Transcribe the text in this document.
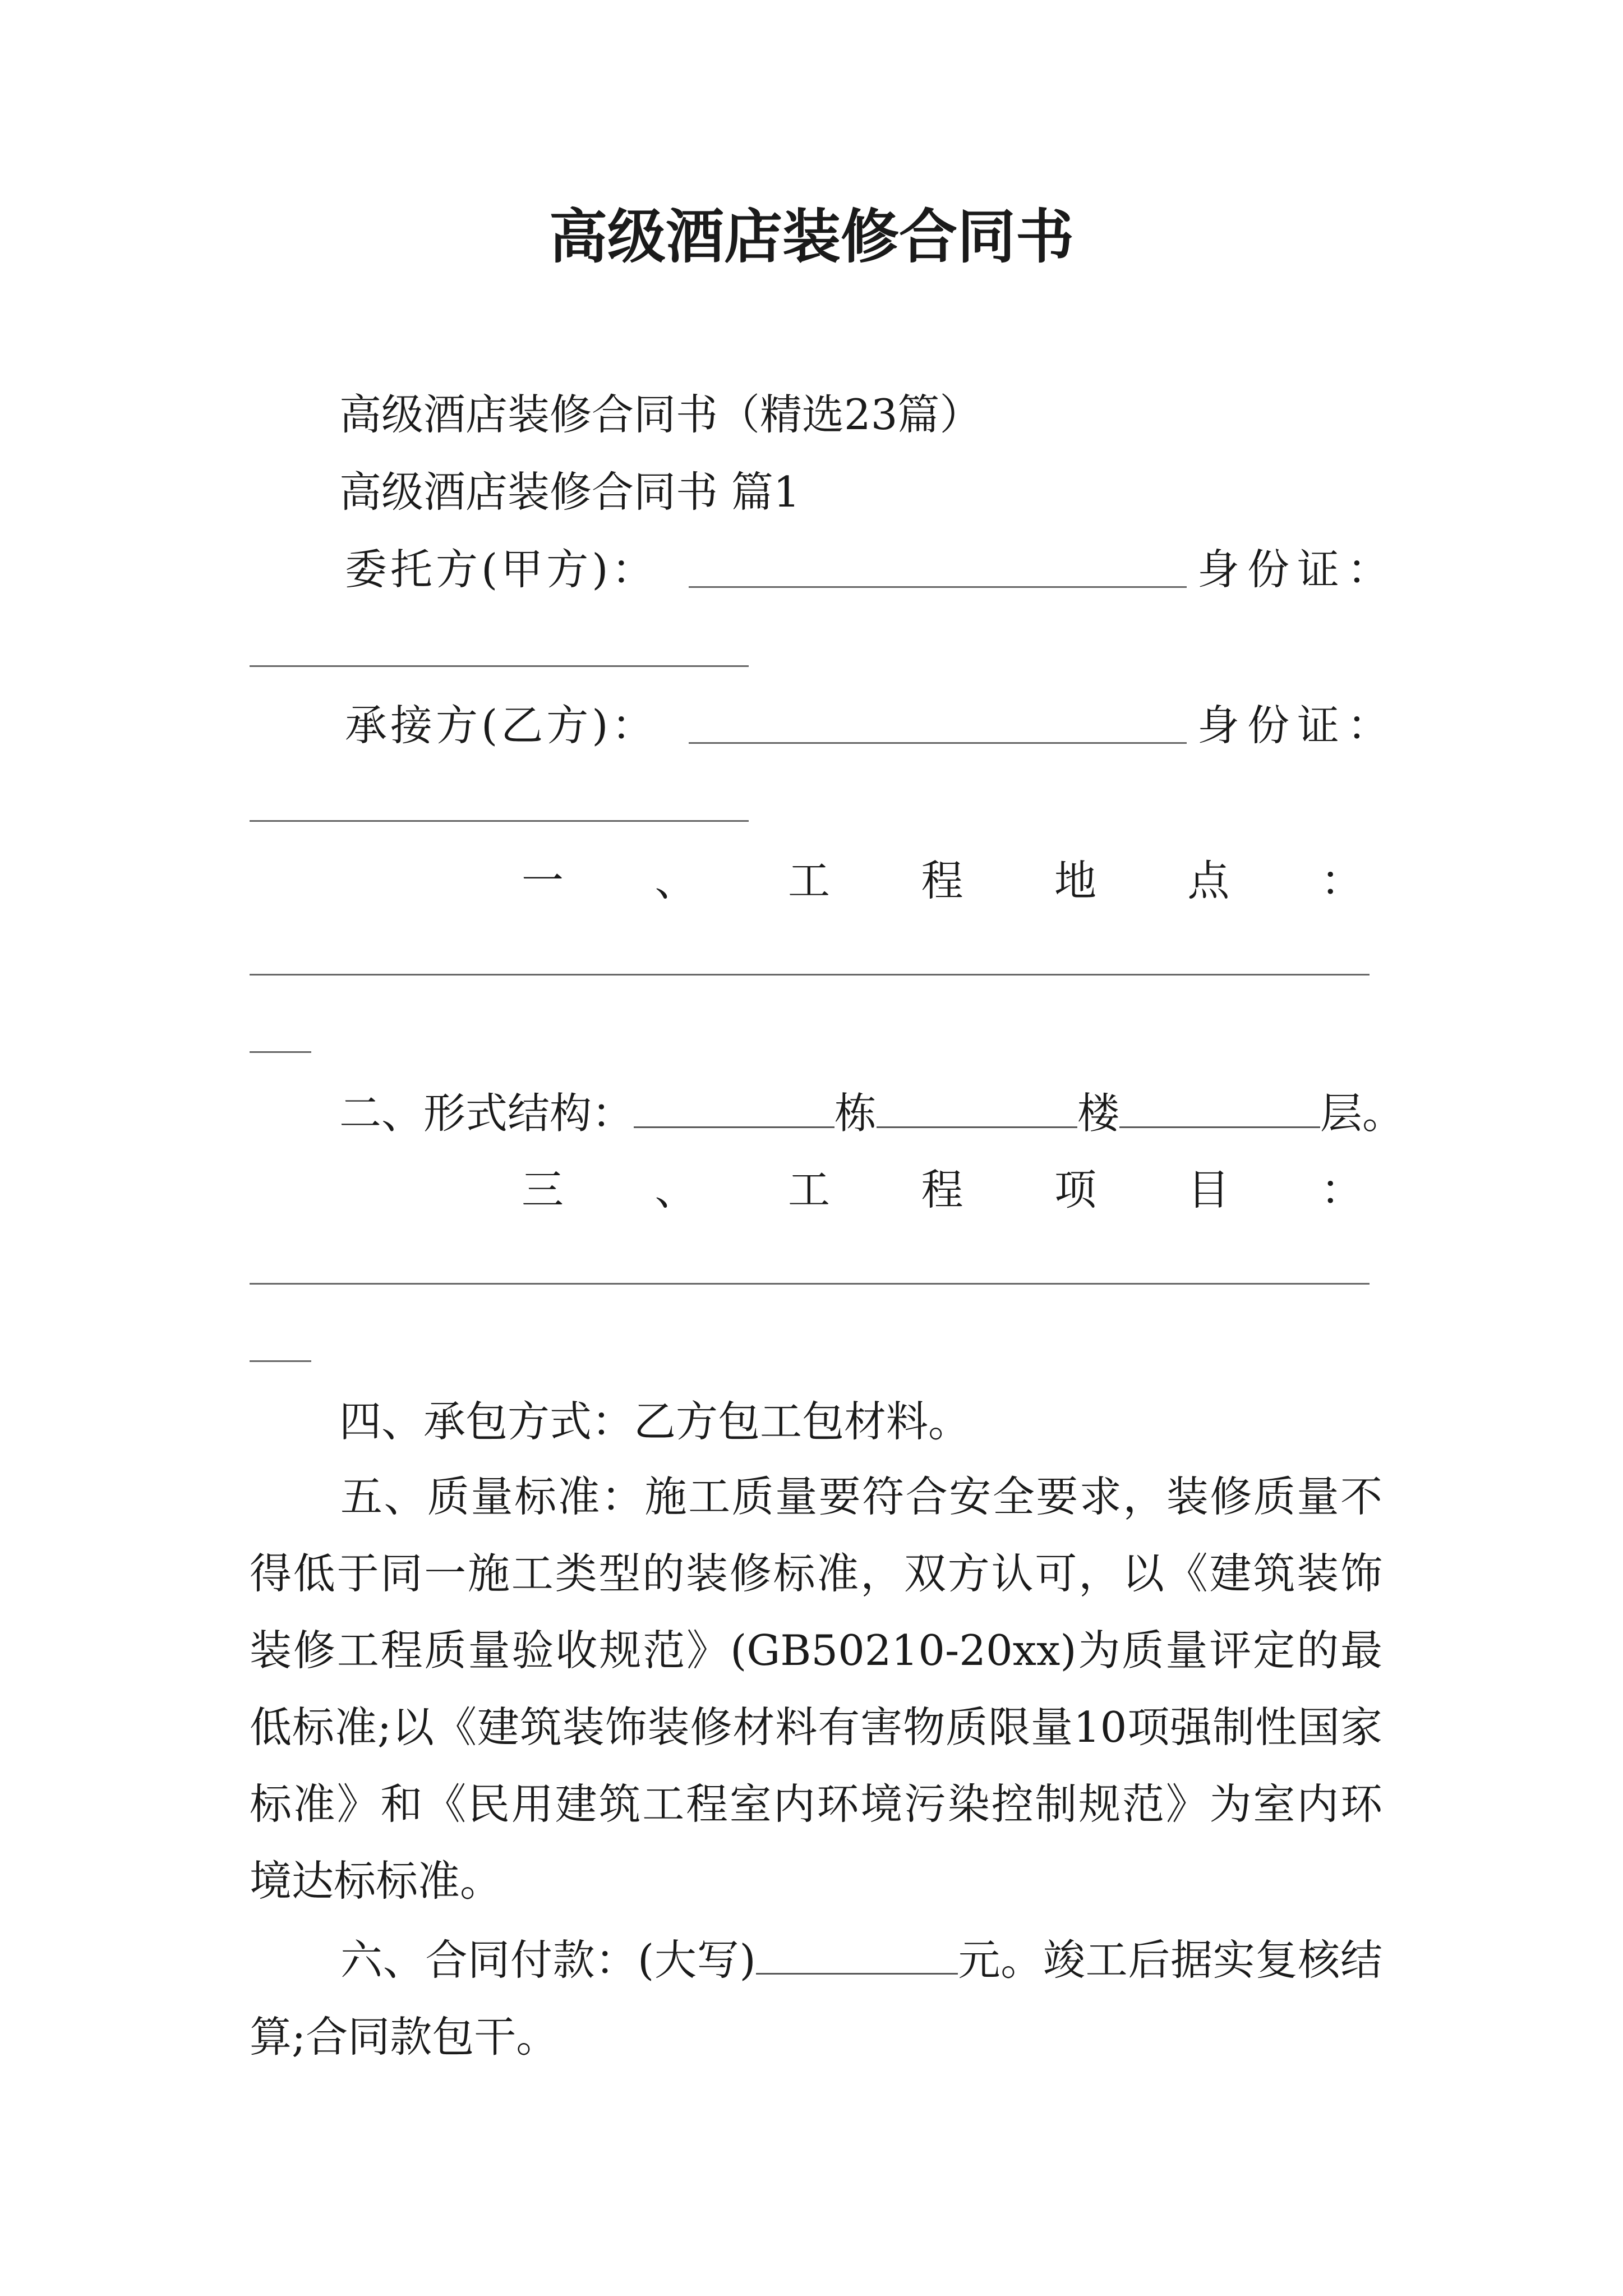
高级酒店装修合同书
高级酒店装修合同书（精选23篇）
高级酒店装修合同书 篇1
委托方(甲方)：	身份证：
承接方(乙方)：	身份证：
一 、 工 程 地 点 ：
二、形式结构：	栋	楼	层。
三 、 工 程 项 目 ：
四、承包方式：乙方包工包材料。

五、质量标准：施工质量要符合安全要求，装修质量不得低于同一施工类型的装修标准，双方认可，以《建筑装饰装修工程质量验收规范》(GB50210-20xx)为质量评定的最低标准;以《建筑装饰装修材料有害物质限量10项强制性国家标准》和《民用建筑工程室内环境污染控制规范》为室内环境达标标准。

六、合同付款：(大写)	元。竣工后据实复核结算;合同款包干。
